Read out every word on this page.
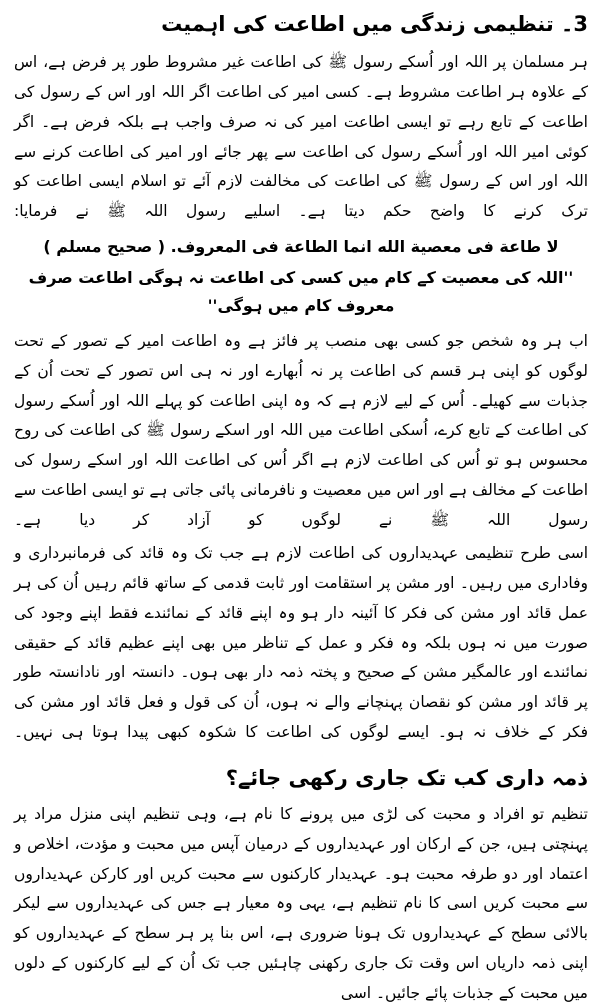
3۔ تنظیمی زندگی میں اطاعت کی اہمیت

ہر مسلمان پر اللہ اور اُسکے رسول ﷺ کی اطاعت غیر مشروط طور پر فرض ہے، اس کے علاوہ ہر اطاعت مشروط ہے۔ کسی امیر کی اطاعت اگر اللہ اور اس کے رسول کی اطاعت کے تابع رہے تو ایسی اطاعت امیر کی نہ صرف واجب ہے بلکہ فرض ہے۔ اگر کوئی امیر اللہ اور اُسکے رسول کی اطاعت سے پھر جائے اور امیر کی اطاعت کرنے سے اللہ اور اس کے رسول ﷺ کی اطاعت کی مخالفت لازم آئے تو اسلام ایسی اطاعت کو ترک کرنے کا واضح حکم دیتا ہے۔ اسلیے رسول اللہ ﷺ نے فرمایا:

لا طاعة فی معصیة الله انما الطاعة فی المعروف. ( صحیح مسلم )

''اللہ کی معصیت کے کام میں کسی کی اطاعت نہ ہوگی اطاعت صرف معروف کام میں ہوگی''

اب ہر وہ شخص جو کسی بھی منصب پر فائز ہے وہ اطاعت امیر کے تصور کے تحت لوگوں کو اپنی ہر قسم کی اطاعت پر نہ اُبھارے اور نہ ہی اس تصور کے تحت اُن کے جذبات سے کھیلے۔ اُس کے لیے لازم ہے کہ وہ اپنی اطاعت کو پہلے اللہ اور اُسکے رسول کی اطاعت کے تابع کرے، اُسکی اطاعت میں اللہ اور اسکے رسول ﷺ کی اطاعت کی روح محسوس ہو تو اُس کی اطاعت لازم ہے اگر اُس کی اطاعت اللہ اور اسکے رسول کی اطاعت کے مخالف ہے اور اس میں معصیت و نافرمانی پائی جاتی ہے تو ایسی اطاعت سے رسول اللہ ﷺ نے لوگوں کو آزاد کر دیا ہے۔

اسی طرح تنظیمی عہدیداروں کی اطاعت لازم ہے جب تک وہ قائد کی فرمانبرداری و وفاداری میں رہیں۔ اور مشن پر استقامت اور ثابت قدمی کے ساتھ قائم رہیں اُن کی ہر عمل قائد اور مشن کی فکر کا آئینہ دار ہو وہ اپنے قائد کے نمائندے فقط اپنے وجود کی صورت میں نہ ہوں بلکہ وہ فکر و عمل کے تناظر میں بھی اپنے عظیم قائد کے حقیقی نمائندے اور عالمگیر مشن کے صحیح و پختہ ذمہ دار بھی ہوں۔ دانستہ اور نادانستہ طور پر قائد اور مشن کو نقصان پہنچانے والے نہ ہوں، اُن کی قول و فعل قائد اور مشن کی فکر کے خلاف نہ ہو۔ ایسے لوگوں کی اطاعت کا شکوہ کبھی پیدا ہوتا ہی نہیں۔

ذمہ داری کب تک جاری رکھی جائے؟

تنظیم تو افراد و محبت کی لڑی میں پرونے کا نام ہے، وہی تنظیم اپنی منزل مراد پر پہنچتی ہیں، جن کے ارکان اور عہدیداروں کے درمیان آپس میں محبت و مؤدت، اخلاص و اعتماد اور دو طرفہ محبت ہو۔ عہدیدار کارکنوں سے محبت کریں اور کارکن عہدیداروں سے محبت کریں اسی کا نام تنظیم ہے، یہی وہ معیار ہے جس کی عہدیداروں سے لیکر بالائی سطح کے عہدیداروں تک ہونا ضروری ہے، اس بنا پر ہر سطح کے عہدیداروں کو اپنی ذمہ داریاں اس وقت تک جاری رکھنی چاہئیں جب تک اُن کے لیے کارکنوں کے دلوں میں محبت کے جذبات پائے جائیں۔ اسی
